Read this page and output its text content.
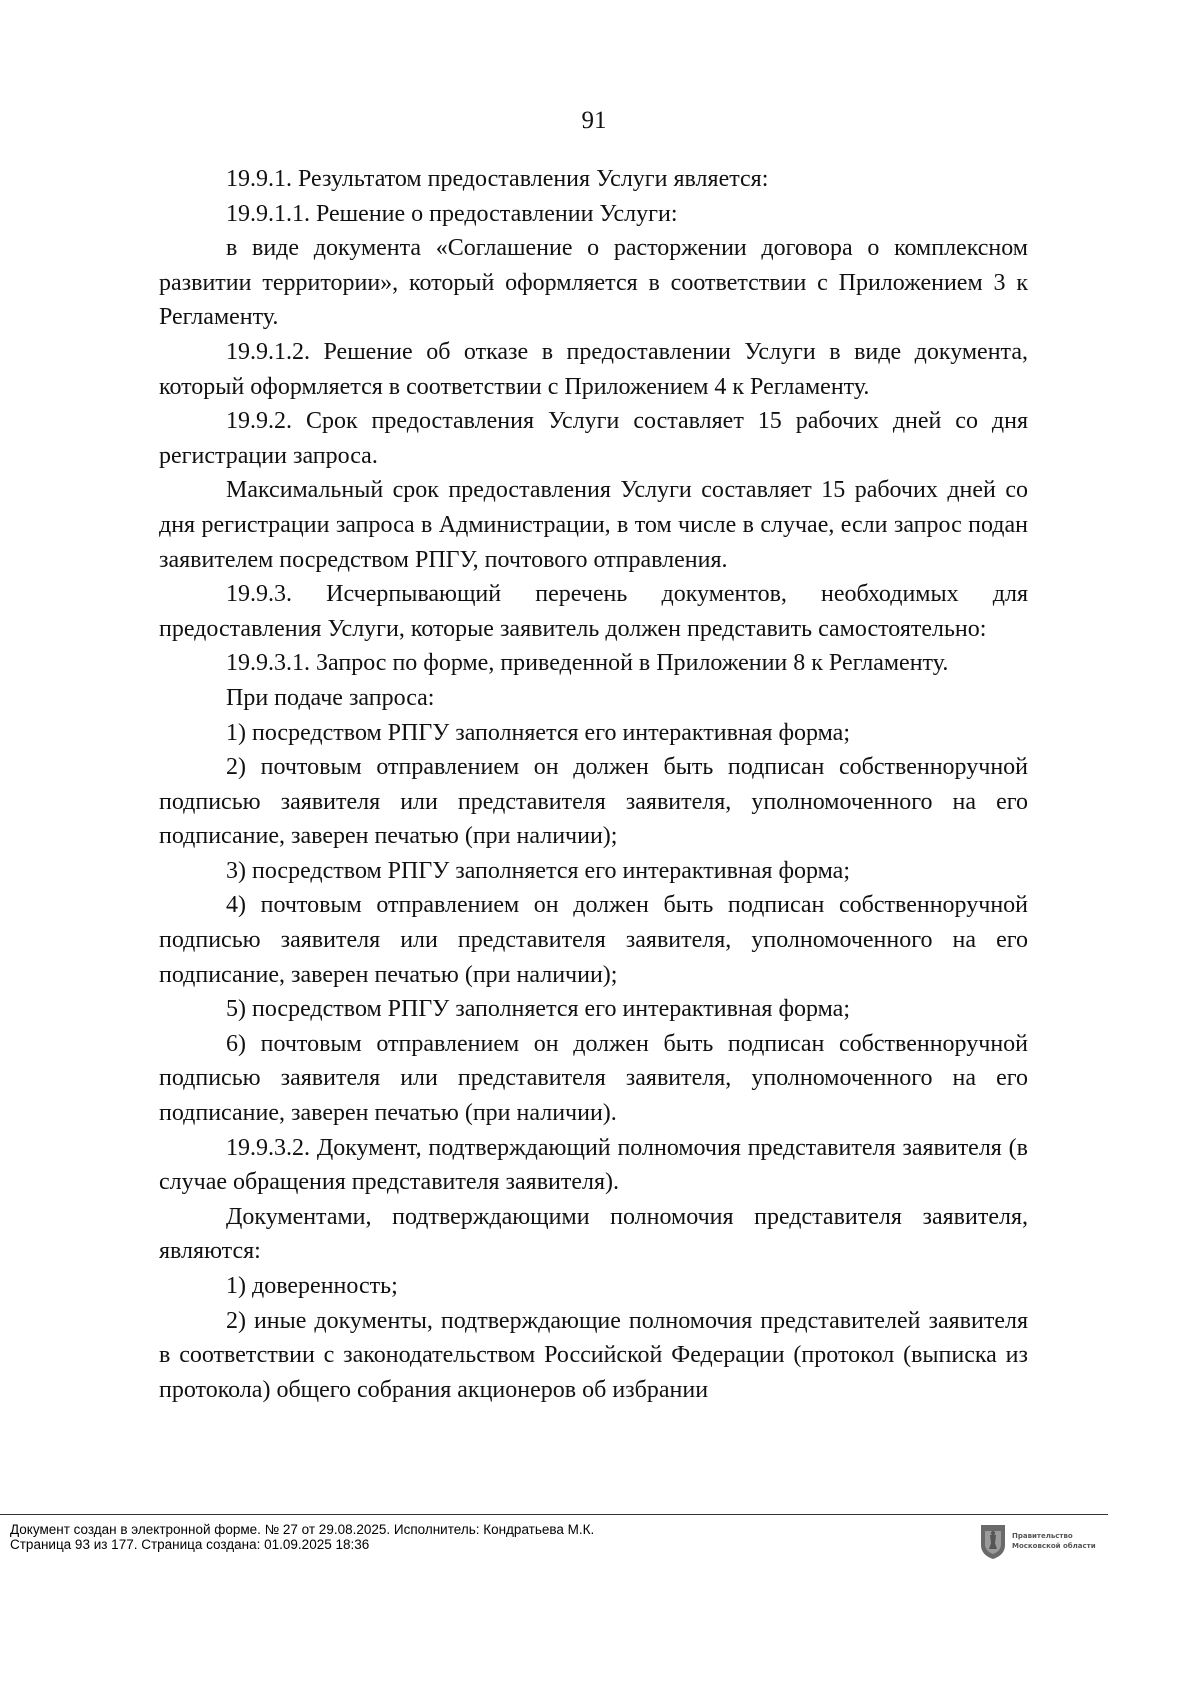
91

19.9.1. Результатом предоставления Услуги является:

19.9.1.1. Решение о предоставлении Услуги:

в виде документа «Соглашение о расторжении договора о комплексном развитии территории», который оформляется в соответствии с Приложением 3 к Регламенту.

19.9.1.2. Решение об отказе в предоставлении Услуги в виде документа, который оформляется в соответствии с Приложением 4 к Регламенту.

19.9.2. Срок предоставления Услуги составляет 15 рабочих дней со дня регистрации запроса.

Максимальный срок предоставления Услуги составляет 15 рабочих дней со дня регистрации запроса в Администрации, в том числе в случае, если запрос подан заявителем посредством РПГУ, почтового отправления.

19.9.3. Исчерпывающий перечень документов, необходимых для предоставления Услуги, которые заявитель должен представить самостоятельно:

19.9.3.1. Запрос по форме, приведенной в Приложении 8 к Регламенту.

При подаче запроса:

1) посредством РПГУ заполняется его интерактивная форма;

2) почтовым отправлением он должен быть подписан собственноручной подписью заявителя или представителя заявителя, уполномоченного на его подписание, заверен печатью (при наличии);

3) посредством РПГУ заполняется его интерактивная форма;

4) почтовым отправлением он должен быть подписан собственноручной подписью заявителя или представителя заявителя, уполномоченного на его подписание, заверен печатью (при наличии);

5) посредством РПГУ заполняется его интерактивная форма;

6) почтовым отправлением он должен быть подписан собственноручной подписью заявителя или представителя заявителя, уполномоченного на его подписание, заверен печатью (при наличии).

19.9.3.2. Документ, подтверждающий полномочия представителя заявителя (в случае обращения представителя заявителя).

Документами, подтверждающими полномочия представителя заявителя, являются:

1) доверенность;

2) иные документы, подтверждающие полномочия представителей заявителя в соответствии с законодательством Российской Федерации (протокол (выписка из протокола) общего собрания акционеров об избрании

Документ создан в электронной форме. № 27 от 29.08.2025. Исполнитель: Кондратьева М.К.
Страница 93 из 177. Страница создана: 01.09.2025 18:36
Правительство Московской области
